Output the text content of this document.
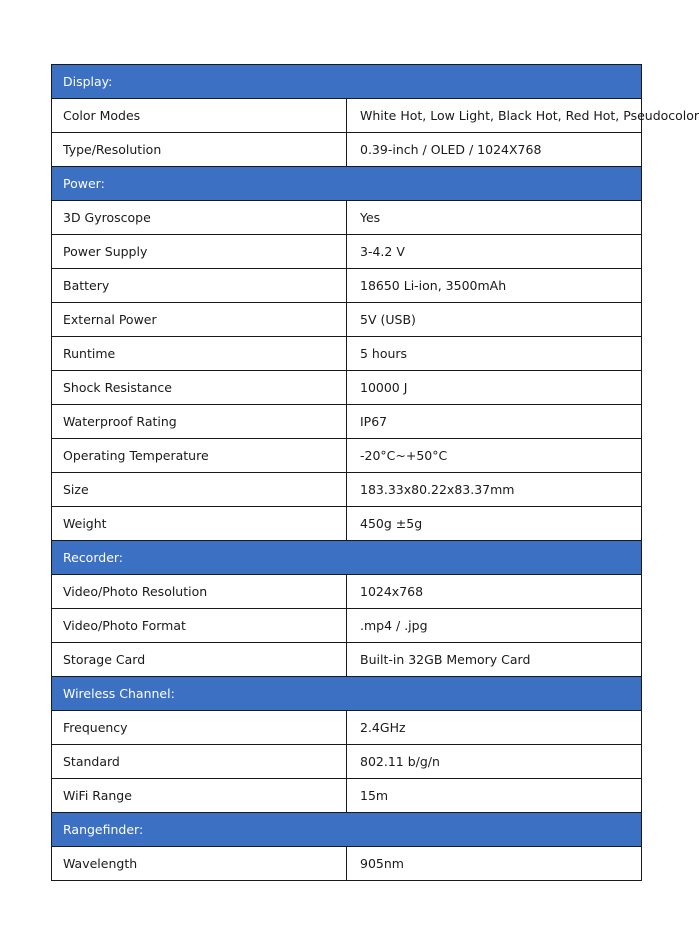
Display:	
Color Modes	White Hot, Low Light, Black Hot, Red Hot, Pseudocolor
Type/Resolution	0.39-inch / OLED / 1024X768
Power:	
3D Gyroscope	Yes
Power Supply	3-4.2 V
Battery	18650 Li-ion, 3500mAh
External Power	5V (USB)
Runtime	5 hours
Shock Resistance	10000 J
Waterproof Rating	IP67
Operating Temperature	-20°C~+50°C
Size	183.33x80.22x83.37mm
Weight	450g ±5g
Recorder:	
Video/Photo Resolution	1024x768
Video/Photo Format	.mp4 / .jpg
Storage Card	Built-in 32GB Memory Card
Wireless Channel:	
Frequency	2.4GHz
Standard	802.11 b/g/n
WiFi Range	15m
Rangefinder:	
Wavelength	905nm
